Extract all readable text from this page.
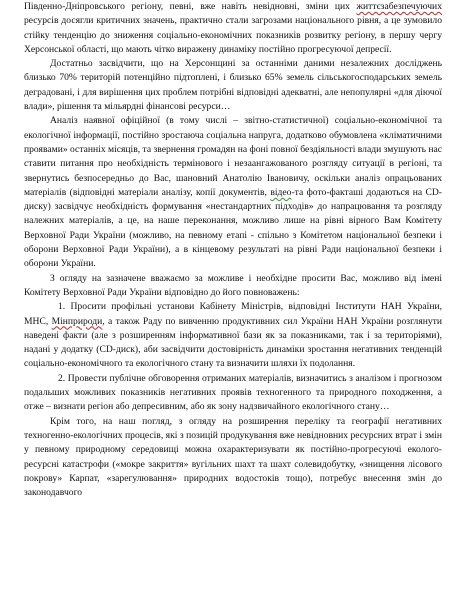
Південно-Дніпровського регіону, певні, вже навіть невідновні, зміни цих життєзабезпечуючих ресурсів досягли критичних значень, практично стали загрозами національного рівня, а це зумовило стійку тенденцію до зниження соціально-економічних показників розвитку регіону, в першу чергу Херсонської області, що мають чітко виражену динаміку постійно прогресуючої депресії.

Достатньо засвідчити, що на Херсонщині за останніми даними незалежних досліджень близько 70% територій потенційно підтоплені, і близько 65% земель сільськогосподарських земель деградовані, і для вирішення цих проблем потрібні відповідні адекватні, але непопулярні «для діючої влади», рішення та мільярдні фінансові ресурси…

Аналіз наявної офіційної (в тому числі – звітно-статистичної) соціально-економічної та екологічної інформації, постійно зростаюча соціальна напруга, додатково обумовлена «кліматичними проявами» останніх місяців, та звернення громадян на фоні повної бездіяльності влади змушують нас ставити питання про необхідність термінового і незаангажованого розгляду ситуації в регіоні, та звернутись безпосередньо до Вас, шановний Анатолію Івановичу, оскільки аналіз опрацьованих матеріалів (відповідні матеріали аналізу, копії документів, відео-та фото-факташі додаються на CD-диску) засвідчує необхідність формування «нестандартних підходів» до напрацювання та розгляду належних матеріалів, а це, на наше переконання, можливо лише на рівні вірного Вам Комітету Верховної Ради України (можливо, на певному етапі - спільно з Комітетом національної безпеки і оборони Верховної Ради України), а в кінцевому результаті на рівні Ради національної безпеки і оборони України.

З огляду на зазначене вважаємо за можливе і необхідне просити Вас, можливо від імені Комітету Верховної Ради України відповідно до його повноважень:

1. Просити профільні установи Кабінету Міністрів, відповідні Інститути НАН України, МНС, Мінприроди, а також Раду по вивченню продуктивних сил України НАН України розглянути наведені факти (але з розширенням інформативної бази як за показниками, так і за територіями), надані у додатку (CD-диск), аби засвідчити достовірність динаміки зростання негативних тенденцій соціально-економічного та екологічного стану та визначити шляхи їх подолання.

2. Провести публічне обговорення отриманих матеріалів, визначитись з аналізом і прогнозом подальших можливих показників негативних проявів техногенного та природного походження, а отже – визнати регіон або депресивним, або як зону надзвичайного екологічного стану…

Крім того, на наш погляд, з огляду на розширення переліку та географії негативних техногенно-екологічних процесів, які з позицій продукування вже невідновних ресурсних втрат і змін у певному природному середовищі можна охарактеризувати як постійно-прогресуючі еколого-ресурсні катастрофи («мокре закриття» вугільних шахт та шахт солевидобутку, «знищення лісового покрову» Карпат, «зарегулювання» природних водостоків тощо), потребує внесення змін до законодавчого
